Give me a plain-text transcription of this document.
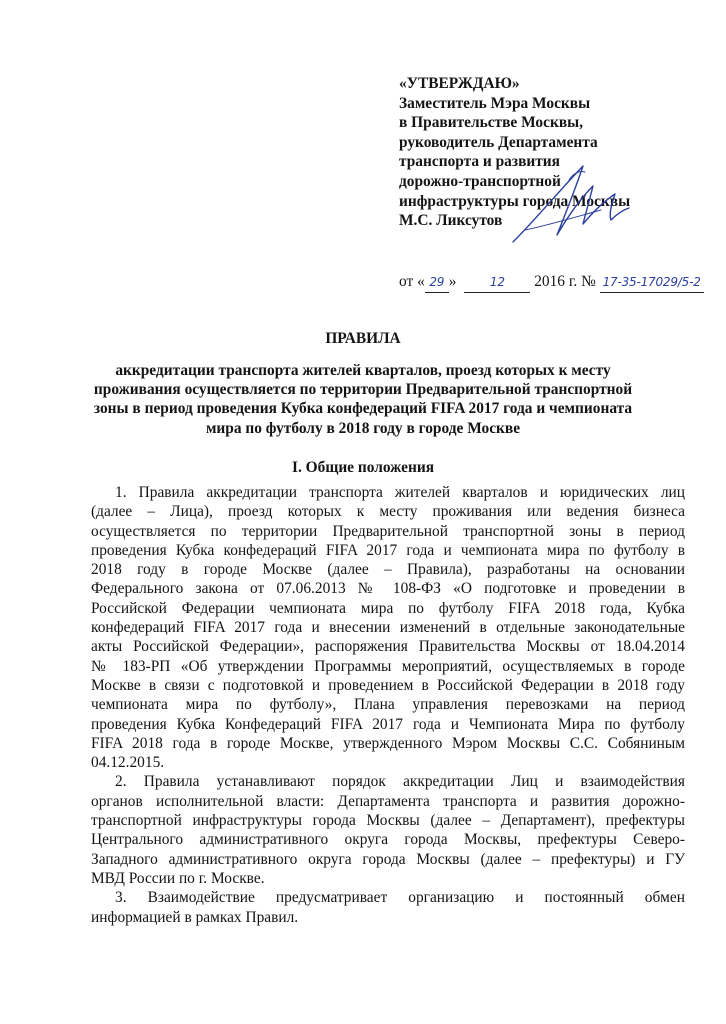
«УТВЕРЖДАЮ»
Заместитель Мэра Москвы
в Правительстве Москвы,
руководитель Департамента
транспорта и развития
дорожно-транспортной
инфраструктуры города Москвы
М.С. Ликсутов
от « 29 »	12 2016 г. № 17-35-17029/5-2
ПРАВИЛА
аккредитации транспорта жителей кварталов, проезд которых к месту
проживания осуществляется по территории Предварительной транспортной
зоны в период проведения Кубка конфедераций FIFA 2017 года и чемпионата
мира по футболу в 2018 году в городе Москве
I. Общие положения
1. Правила аккредитации транспорта жителей кварталов и юридических лиц
(далее – Лица), проезд которых к месту проживания или ведения бизнеса
осуществляется по территории Предварительной транспортной зоны в период
проведения Кубка конфедераций FIFA 2017 года и чемпионата мира по футболу в
2018 году в городе Москве (далее – Правила), разработаны на основании
Федерального закона от 07.06.2013 № 108-ФЗ «О подготовке и проведении в
Российской Федерации чемпионата мира по футболу FIFA 2018 года, Кубка
конфедераций FIFA 2017 года и внесении изменений в отдельные законодательные
акты Российской Федерации», распоряжения Правительства Москвы от 18.04.2014
№ 183-РП «Об утверждении Программы мероприятий, осуществляемых в городе
Москве в связи с подготовкой и проведением в Российской Федерации в 2018 году
чемпионата мира по футболу», Плана управления перевозками на период
проведения Кубка Конфедераций FIFA 2017 года и Чемпионата Мира по футболу
FIFA 2018 года в городе Москве, утвержденного Мэром Москвы С.С. Собяниным
04.12.2015.
2. Правила устанавливают порядок аккредитации Лиц и взаимодействия
органов исполнительной власти: Департамента транспорта и развития дорожно-
транспортной инфраструктуры города Москвы (далее – Департамент), префектуры
Центрального административного округа города Москвы, префектуры Северо-
Западного административного округа города Москвы (далее – префектуры) и ГУ
МВД России по г. Москве.
3. Взаимодействие предусматривает организацию и постоянный обмен
информацией в рамках Правил.
